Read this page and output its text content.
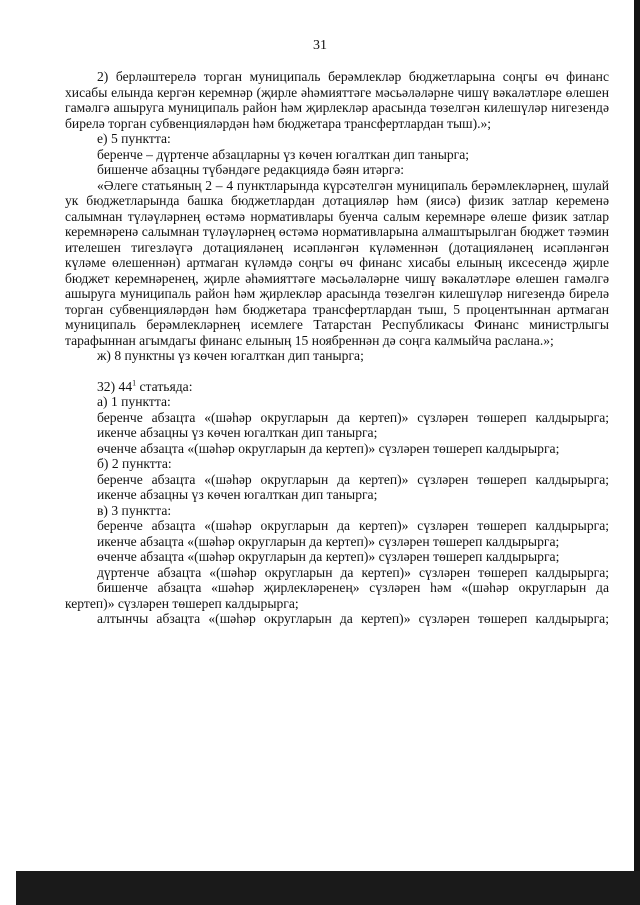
31

2) берләштерелә торган муниципаль берәмлекләр бюджетларына соңгы өч финанс хисабы елында кергән керемнәр (җирле әһәмияттәге мәсьәләләрне чишү вәкаләтләре өлешен гамәлгә ашыруга муниципаль район һәм җирлекләр арасында төзелгән килешүләр нигезендә бирелә торган субвенцияләрдән һәм бюджетара трансфертлардан тыш).»;

е) 5 пунктта:

беренче – дүртенче абзацларны үз көчен югалткан дип танырга;

бишенче абзацны түбәндәге редакциядә бәян итәргә:

«Әлеге статьяның 2 – 4 пунктларында күрсәтелгән муниципаль берәмлекләрнең, шулай ук бюджетларында башка бюджетлардан дотацияләр һәм (яисә) физик затлар кеременә салымнан түләүләрнең өстәмә нормативлары буенча салым керемнәре өлеше физик затлар керемнәренә салымнан түләүләрнең өстәмә нормативларына алмаштырылган бюджет тәэмин ителешен тигезләүгә дотацияләнең исәпләнгән күләменнән (дотацияләнең исәпләнгән күләме өлешеннән) артмаган күләмдә соңгы өч финанс хисабы елының иксесендә җирле бюджет керемнәренең, җирле әһәмияттәге мәсьәләләрне чишү вәкаләтләре өлешен гамәлгә ашыруга муниципаль район һәм җирлекләр арасында төзелгән килешүләр нигезендә бирелә торган субвенцияләрдән һәм бюджетара трансфертлардан тыш, 5 процентыннан артмаган муниципаль берәмлекләрнең исемлеге Татарстан Республикасы Финанс министрлыгы тарафыннан агымдагы финанс елының 15 ноябреннән дә соңга калмыйча раслана.»;

ж) 8 пунктны үз көчен югалткан дип танырга;

32) $44^1$ статьяда:

а) 1 пунктта:

беренче абзацта «(шәһәр округларын да кертеп)» сүзләрен төшереп калдырырга;

икенче абзацны үз көчен югалткан дип танырга;

өченче абзацта «(шәһәр округларын да кертеп)» сүзләрен төшереп калдырырга;

б) 2 пунктта:

беренче абзацта «(шәһәр округларын да кертеп)» сүзләрен төшереп калдырырга;

икенче абзацны үз көчен югалткан дип танырга;

в) 3 пунктта:

беренче абзацта «(шәһәр округларын да кертеп)» сүзләрен төшереп калдырырга;

икенче абзацта «(шәһәр округларын да кертеп)» сүзләрен төшереп калдырырга;

өченче абзацта «(шәһәр округларын да кертеп)» сүзләрен төшереп калдырырга;

дүртенче абзацта «(шәһәр округларын да кертеп)» сүзләрен төшереп калдырырга;

бишенче абзацта «шәһәр җирлекләренең» сүзләрен һәм «(шәһәр округларын да кертеп)» сүзләрен төшереп калдырырга;

алтынчы абзацта «(шәһәр округларын да кертеп)» сүзләрен төшереп калдырырга;
